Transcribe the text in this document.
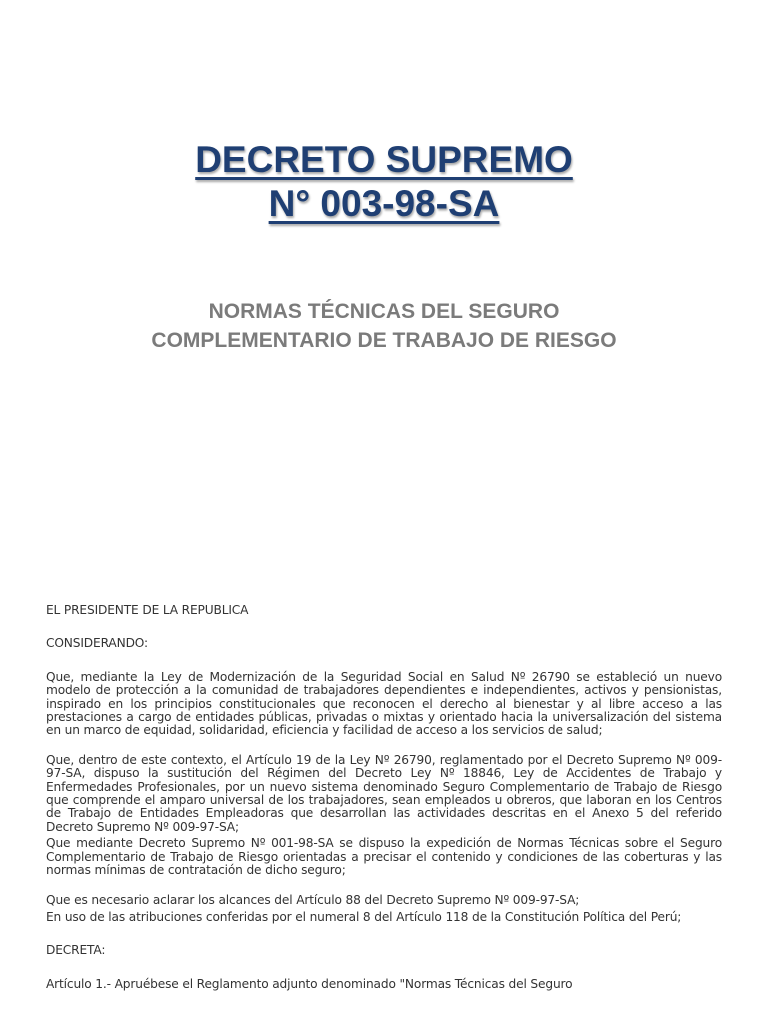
DECRETO SUPREMO

N° 003-98-SA

NORMAS TÉCNICAS DEL SEGURO

COMPLEMENTARIO DE TRABAJO DE RIESGO

EL PRESIDENTE DE LA REPUBLICA

CONSIDERANDO:

Que, mediante la Ley de Modernización de la Seguridad Social en Salud Nº 26790 se estableció un nuevo modelo de protección a la comunidad de trabajadores dependientes e independientes, activos y pensionistas, inspirado en los principios constitucionales que reconocen el derecho al bienestar y al libre acceso a las prestaciones a cargo de entidades públicas, privadas o mixtas y orientado hacia la universalización del sistema en un marco de equidad, solidaridad, eficiencia y facilidad de acceso a los servicios de salud;

Que, dentro de este contexto, el Artículo 19 de la Ley Nº 26790, reglamentado por el Decreto Supremo Nº 009-97-SA, dispuso la sustitución del Régimen del Decreto Ley Nº 18846, Ley de Accidentes de Trabajo y Enfermedades Profesionales, por un nuevo sistema denominado Seguro Complementario de Trabajo de Riesgo que comprende el amparo universal de los trabajadores, sean empleados u obreros, que laboran en los Centros de Trabajo de Entidades Empleadoras que desarrollan las actividades descritas en el Anexo 5 del referido Decreto Supremo Nº 009-97-SA;

Que mediante Decreto Supremo Nº 001-98-SA se dispuso la expedición de Normas Técnicas sobre el Seguro Complementario de Trabajo de Riesgo orientadas a precisar el contenido y condiciones de las coberturas y las normas mínimas de contratación de dicho seguro;

Que es necesario aclarar los alcances del Artículo 88 del Decreto Supremo Nº 009-97-SA;

En uso de las atribuciones conferidas por el numeral 8 del Artículo 118 de la Constitución Política del Perú;

DECRETA:

Artículo 1.- Apruébese el Reglamento adjunto denominado "Normas Técnicas del Seguro
